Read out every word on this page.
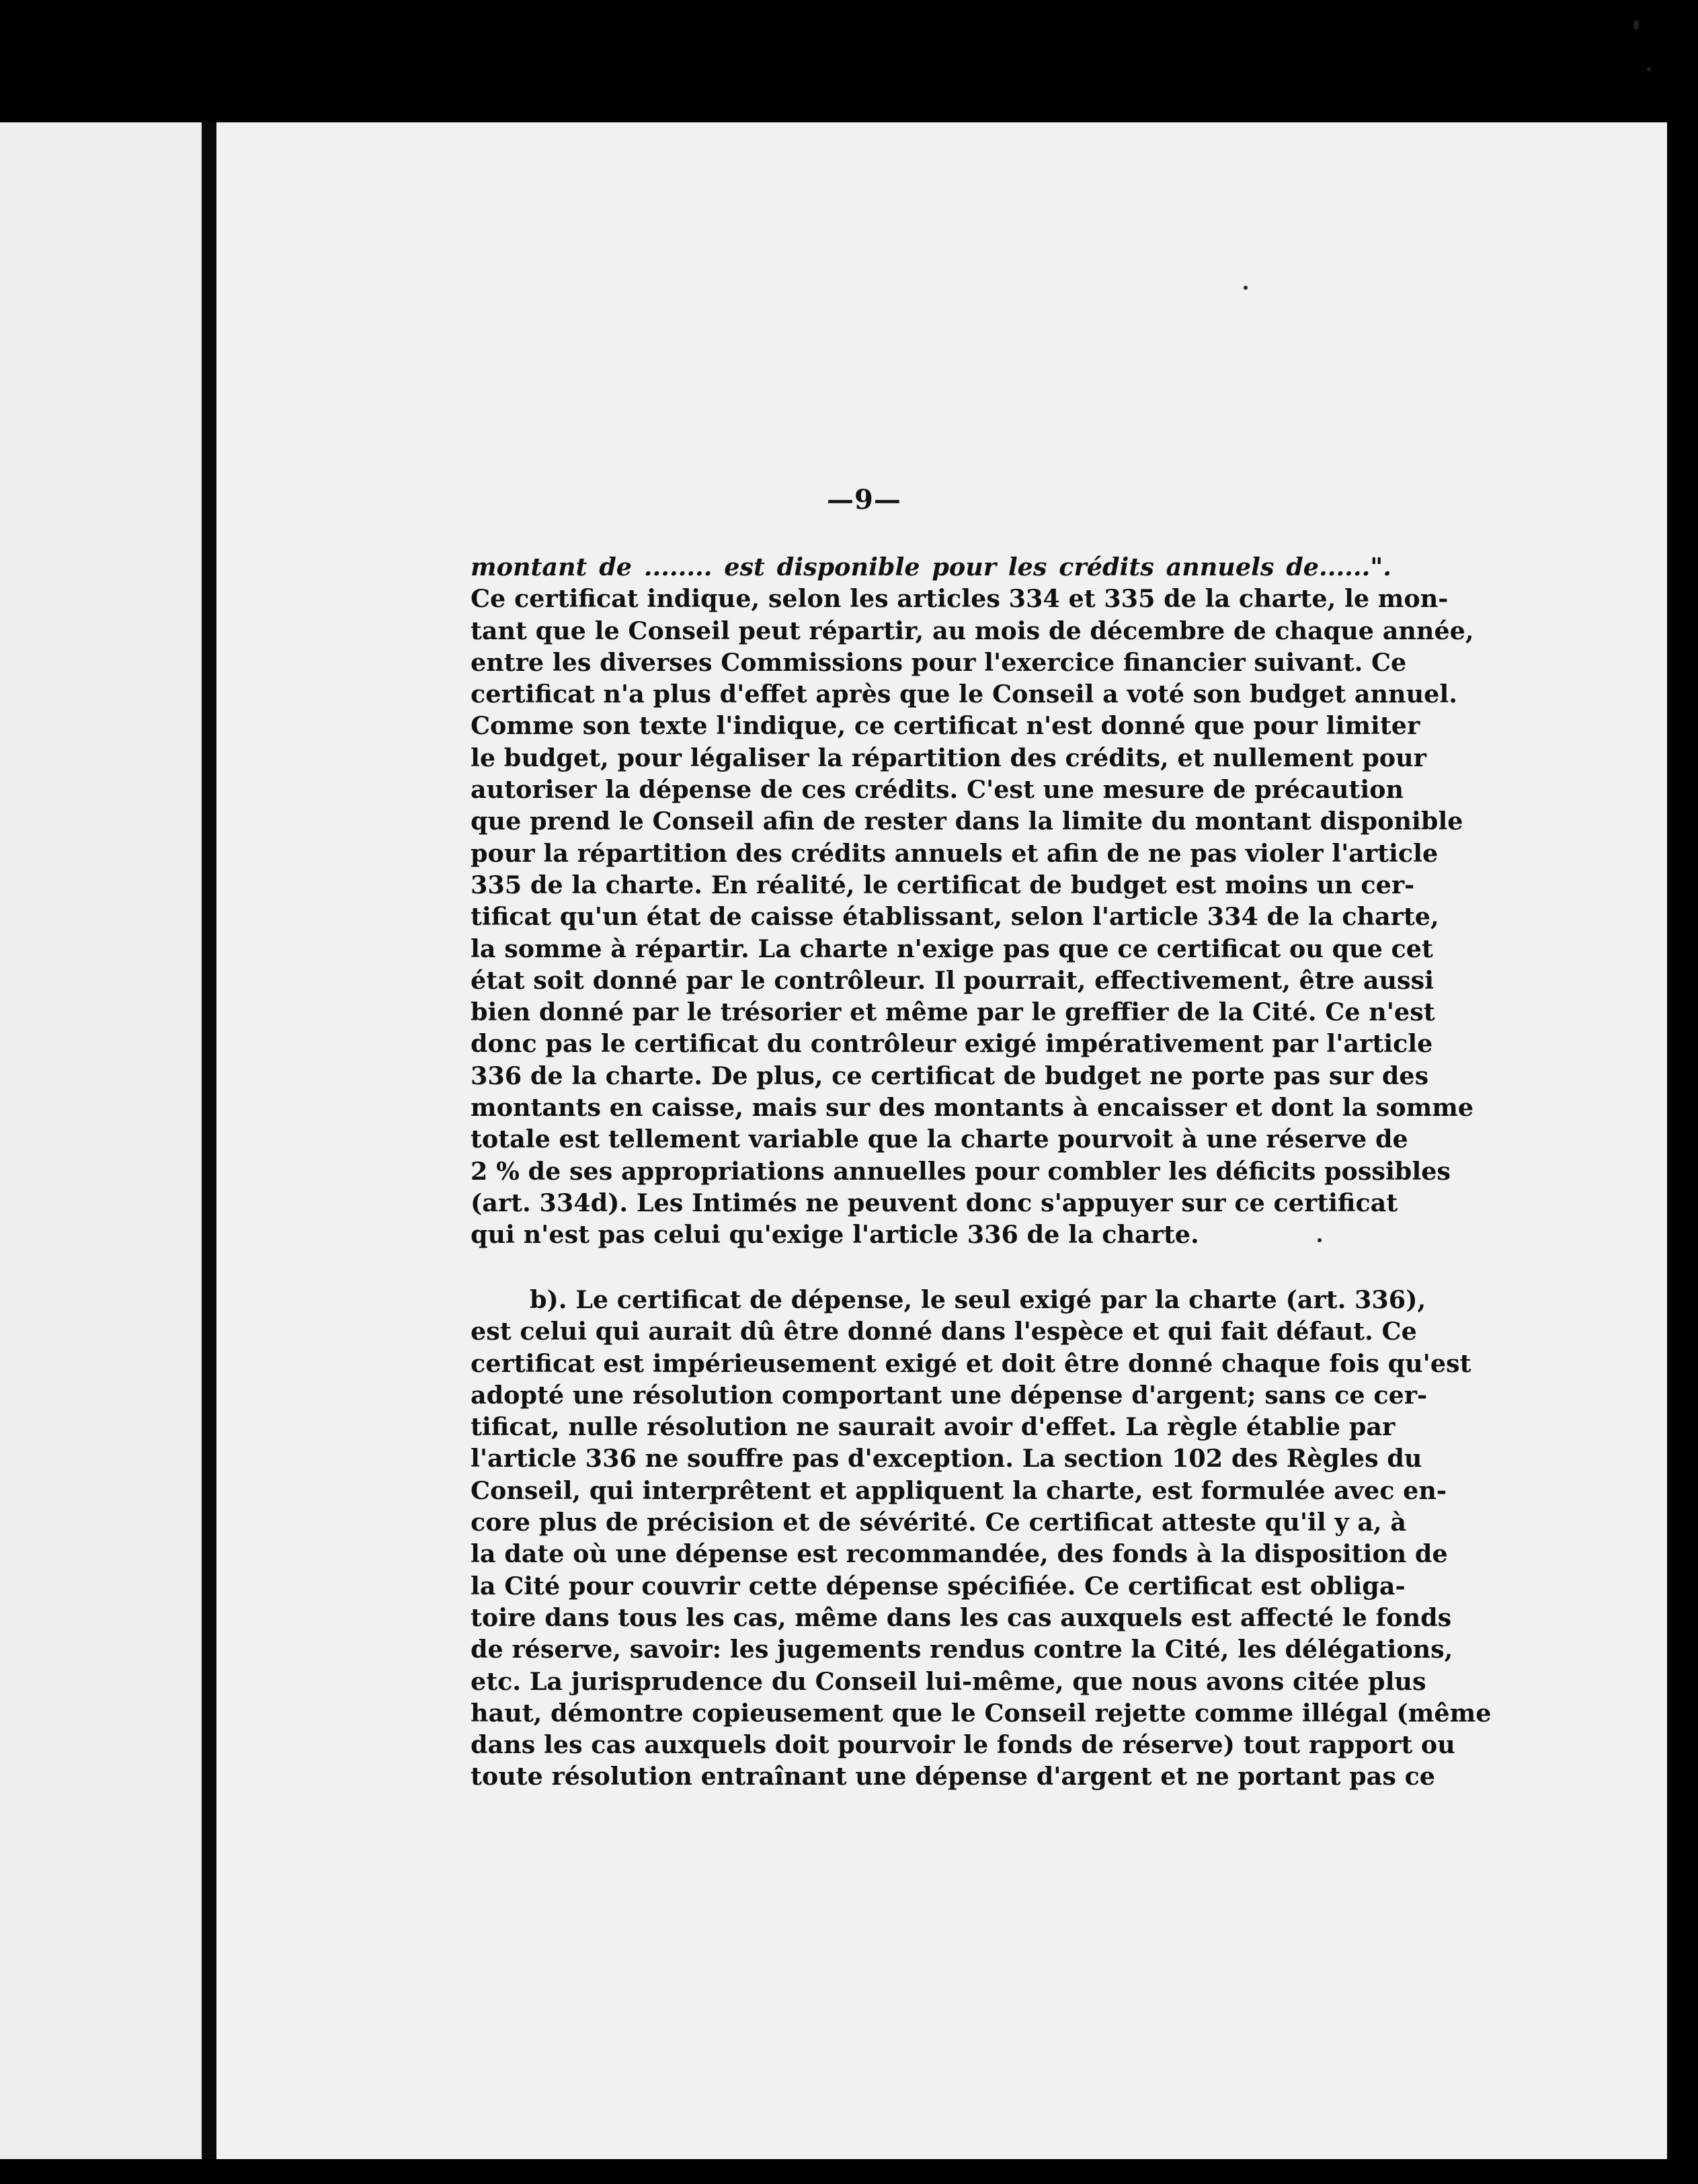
—9—
montant de ........ est disponible pour les crédits annuels de......".
Ce certificat indique, selon les articles 334 et 335 de la charte, le mon-
tant que le Conseil peut répartir, au mois de décembre de chaque année,
entre les diverses Commissions pour l'exercice financier suivant. Ce
certificat n'a plus d'effet après que le Conseil a voté son budget annuel.
Comme son texte l'indique, ce certificat n'est donné que pour limiter
le budget, pour légaliser la répartition des crédits, et nullement pour
autoriser la dépense de ces crédits. C'est une mesure de précaution
que prend le Conseil afin de rester dans la limite du montant disponible
pour la répartition des crédits annuels et afin de ne pas violer l'article
335 de la charte. En réalité, le certificat de budget est moins un cer-
tificat qu'un état de caisse établissant, selon l'article 334 de la charte,
la somme à répartir. La charte n'exige pas que ce certificat ou que cet
état soit donné par le contrôleur. Il pourrait, effectivement, être aussi
bien donné par le trésorier et même par le greffier de la Cité. Ce n'est
donc pas le certificat du contrôleur exigé impérativement par l'article
336 de la charte. De plus, ce certificat de budget ne porte pas sur des
montants en caisse, mais sur des montants à encaisser et dont la somme
totale est tellement variable que la charte pourvoit à une réserve de
2 % de ses appropriations annuelles pour combler les déficits possibles
(art. 334d). Les Intimés ne peuvent donc s'appuyer sur ce certificat
qui n'est pas celui qu'exige l'article 336 de la charte.
b). Le certificat de dépense, le seul exigé par la charte (art. 336),
est celui qui aurait dû être donné dans l'espèce et qui fait défaut. Ce
certificat est impérieusement exigé et doit être donné chaque fois qu'est
adopté une résolution comportant une dépense d'argent; sans ce cer-
tificat, nulle résolution ne saurait avoir d'effet. La règle établie par
l'article 336 ne souffre pas d'exception. La section 102 des Règles du
Conseil, qui interprêtent et appliquent la charte, est formulée avec en-
core plus de précision et de sévérité. Ce certificat atteste qu'il y a, à
la date où une dépense est recommandée, des fonds à la disposition de
la Cité pour couvrir cette dépense spécifiée. Ce certificat est obliga-
toire dans tous les cas, même dans les cas auxquels est affecté le fonds
de réserve, savoir: les jugements rendus contre la Cité, les délégations,
etc. La jurisprudence du Conseil lui-même, que nous avons citée plus
haut, démontre copieusement que le Conseil rejette comme illégal (même
dans les cas auxquels doit pourvoir le fonds de réserve) tout rapport ou
toute résolution entraînant une dépense d'argent et ne portant pas ce
